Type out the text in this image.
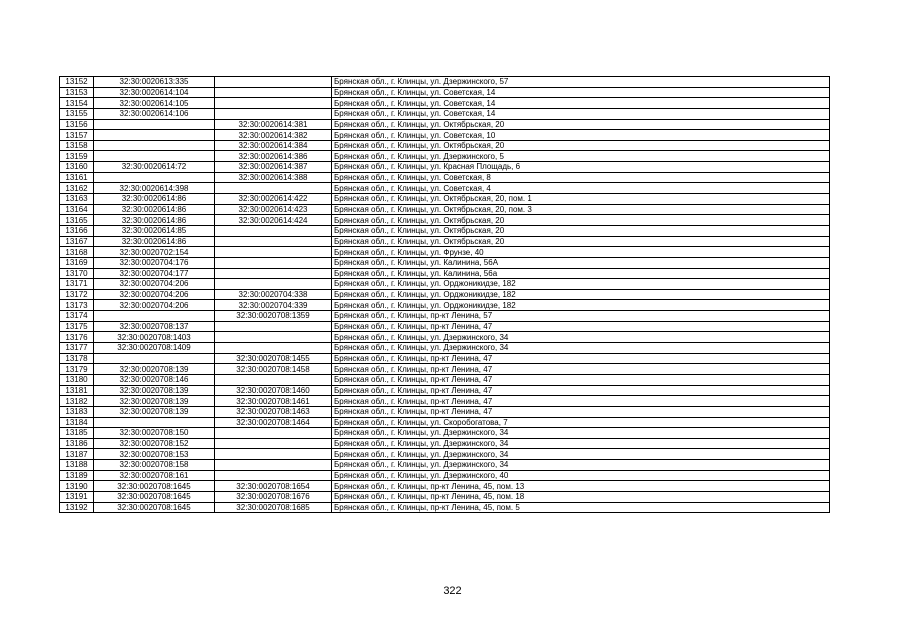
13152	32:30:0020613:335		Брянская обл., г. Клинцы, ул. Дзержинского, 57
13153	32:30:0020614:104		Брянская обл., г. Клинцы, ул. Советская, 14
13154	32:30:0020614:105		Брянская обл., г. Клинцы, ул. Советская, 14
13155	32:30:0020614:106		Брянская обл., г. Клинцы, ул. Советская, 14
13156		32:30:0020614:381	Брянская обл., г. Клинцы, ул. Октябрьская, 20
13157		32:30:0020614:382	Брянская обл., г. Клинцы, ул. Советская, 10
13158		32:30:0020614:384	Брянская обл., г. Клинцы, ул. Октябрьская, 20
13159		32:30:0020614:386	Брянская обл., г. Клинцы, ул. Дзержинского, 5
13160	32:30:0020614:72	32:30:0020614:387	Брянская обл., г. Клинцы, ул. Красная Площадь, 6
13161		32:30:0020614:388	Брянская обл., г. Клинцы, ул. Советская, 8
13162	32:30:0020614:398		Брянская обл., г. Клинцы, ул. Советская, 4
13163	32:30:0020614:86	32:30:0020614:422	Брянская обл., г. Клинцы, ул. Октябрьская, 20, пом. 1
13164	32:30:0020614:86	32:30:0020614:423	Брянская обл., г. Клинцы, ул. Октябрьская, 20, пом. 3
13165	32:30:0020614:86	32:30:0020614:424	Брянская обл., г. Клинцы, ул. Октябрьская, 20
13166	32:30:0020614:85		Брянская обл., г. Клинцы, ул. Октябрьская, 20
13167	32:30:0020614:86		Брянская обл., г. Клинцы, ул. Октябрьская, 20
13168	32:30:0020702:154		Брянская обл., г. Клинцы, ул. Фрунзе, 40
13169	32:30:0020704:176		Брянская обл., г. Клинцы, ул. Калинина, 56А
13170	32:30:0020704:177		Брянская обл., г. Клинцы, ул. Калинина, 56а
13171	32:30:0020704:206		Брянская обл., г. Клинцы, ул. Орджоникидзе, 182
13172	32:30:0020704:206	32:30:0020704:338	Брянская обл., г. Клинцы, ул. Орджоникидзе, 182
13173	32:30:0020704:206	32:30:0020704:339	Брянская обл., г. Клинцы, ул. Орджоникидзе, 182
13174		32:30:0020708:1359	Брянская обл., г. Клинцы, пр-кт Ленина, 57
13175	32:30:0020708:137		Брянская обл., г. Клинцы, пр-кт Ленина, 47
13176	32:30:0020708:1403		Брянская обл., г. Клинцы, ул. Дзержинского, 34
13177	32:30:0020708:1409		Брянская обл., г. Клинцы, ул. Дзержинского, 34
13178		32:30:0020708:1455	Брянская обл., г. Клинцы, пр-кт Ленина, 47
13179	32:30:0020708:139	32:30:0020708:1458	Брянская обл., г. Клинцы, пр-кт Ленина, 47
13180	32:30:0020708:146		Брянская обл., г. Клинцы, пр-кт Ленина, 47
13181	32:30:0020708:139	32:30:0020708:1460	Брянская обл., г. Клинцы, пр-кт Ленина, 47
13182	32:30:0020708:139	32:30:0020708:1461	Брянская обл., г. Клинцы, пр-кт Ленина, 47
13183	32:30:0020708:139	32:30:0020708:1463	Брянская обл., г. Клинцы, пр-кт Ленина, 47
13184		32:30:0020708:1464	Брянская обл., г. Клинцы, ул. Скоробогатова, 7
13185	32:30:0020708:150		Брянская обл., г. Клинцы, ул. Дзержинского, 34
13186	32:30:0020708:152		Брянская обл., г. Клинцы, ул. Дзержинского, 34
13187	32:30:0020708:153		Брянская обл., г. Клинцы, ул. Дзержинского, 34
13188	32:30:0020708:158		Брянская обл., г. Клинцы, ул. Дзержинского, 34
13189	32:30:0020708:161		Брянская обл., г. Клинцы, ул. Дзержинского, 40
13190	32:30:0020708:1645	32:30:0020708:1654	Брянская обл., г. Клинцы, пр-кт Ленина, 45, пом. 13
13191	32:30:0020708:1645	32:30:0020708:1676	Брянская обл., г. Клинцы, пр-кт Ленина, 45, пом. 18
13192	32:30:0020708:1645	32:30:0020708:1685	Брянская обл., г. Клинцы, пр-кт Ленина, 45, пом. 5
322
